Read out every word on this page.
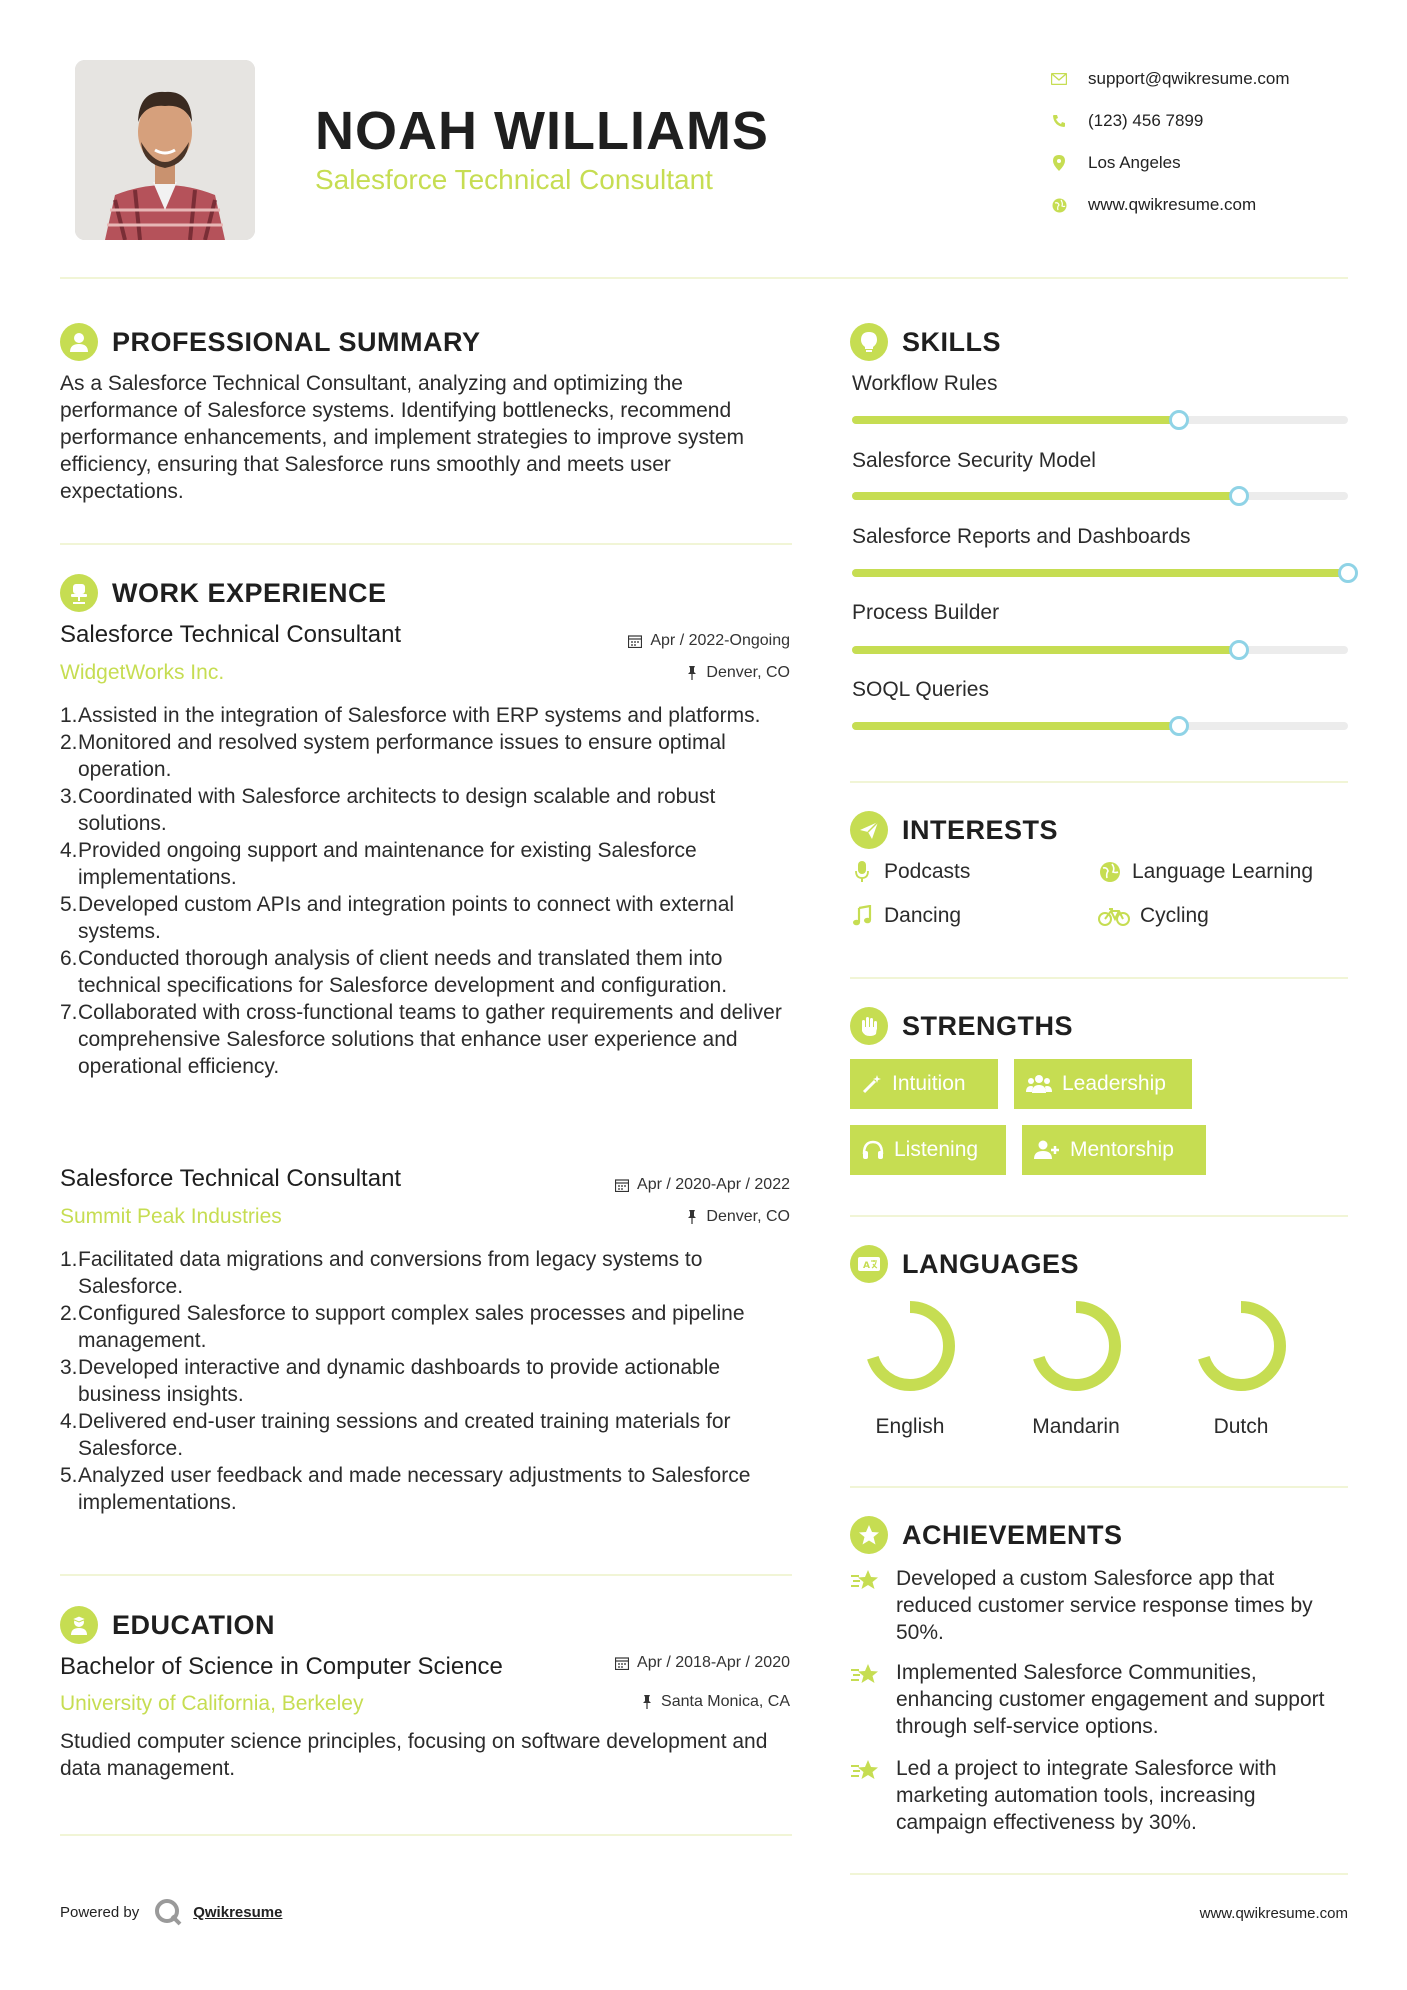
NOAH WILLIAMS
Salesforce Technical Consultant
support@qwikresume.com
(123) 456 7899
Los Angeles
www.qwikresume.com
PROFESSIONAL SUMMARY
As a Salesforce Technical Consultant, analyzing and optimizing the performance of Salesforce systems. Identifying bottlenecks, recommend performance enhancements, and implement strategies to improve system efficiency, ensuring that Salesforce runs smoothly and meets user expectations.
WORK EXPERIENCE
Salesforce Technical Consultant	Apr / 2022-Ongoing
WidgetWorks Inc.	Denver, CO
1. Assisted in the integration of Salesforce with ERP systems and platforms.
2. Monitored and resolved system performance issues to ensure optimal operation.
3. Coordinated with Salesforce architects to design scalable and robust solutions.
4. Provided ongoing support and maintenance for existing Salesforce implementations.
5. Developed custom APIs and integration points to connect with external systems.
6. Conducted thorough analysis of client needs and translated them into technical specifications for Salesforce development and configuration.
7. Collaborated with cross-functional teams to gather requirements and deliver comprehensive Salesforce solutions that enhance user experience and operational efficiency.
Salesforce Technical Consultant	Apr / 2020-Apr / 2022
Summit Peak Industries	Denver, CO
1. Facilitated data migrations and conversions from legacy systems to Salesforce.
2. Configured Salesforce to support complex sales processes and pipeline management.
3. Developed interactive and dynamic dashboards to provide actionable business insights.
4. Delivered end-user training sessions and created training materials for Salesforce.
5. Analyzed user feedback and made necessary adjustments to Salesforce implementations.
EDUCATION
Bachelor of Science in Computer Science	Apr / 2018-Apr / 2020
University of California, Berkeley	Santa Monica, CA
Studied computer science principles, focusing on software development and data management.
SKILLS
Workflow Rules
Salesforce Security Model
Salesforce Reports and Dashboards
Process Builder
SOQL Queries
INTERESTS
Podcasts	Language Learning
Dancing	Cycling
STRENGTHS
Intuition	Leadership
Listening	Mentorship
A LANGUAGES
English	Mandarin	Dutch
ACHIEVEMENTS
Developed a custom Salesforce app that reduced customer service response times by 50%.
Implemented Salesforce Communities, enhancing customer engagement and support through self-service options.
Led a project to integrate Salesforce with marketing automation tools, increasing campaign effectiveness by 30%.
Powered by	Qwikresume	www.qwikresume.com
